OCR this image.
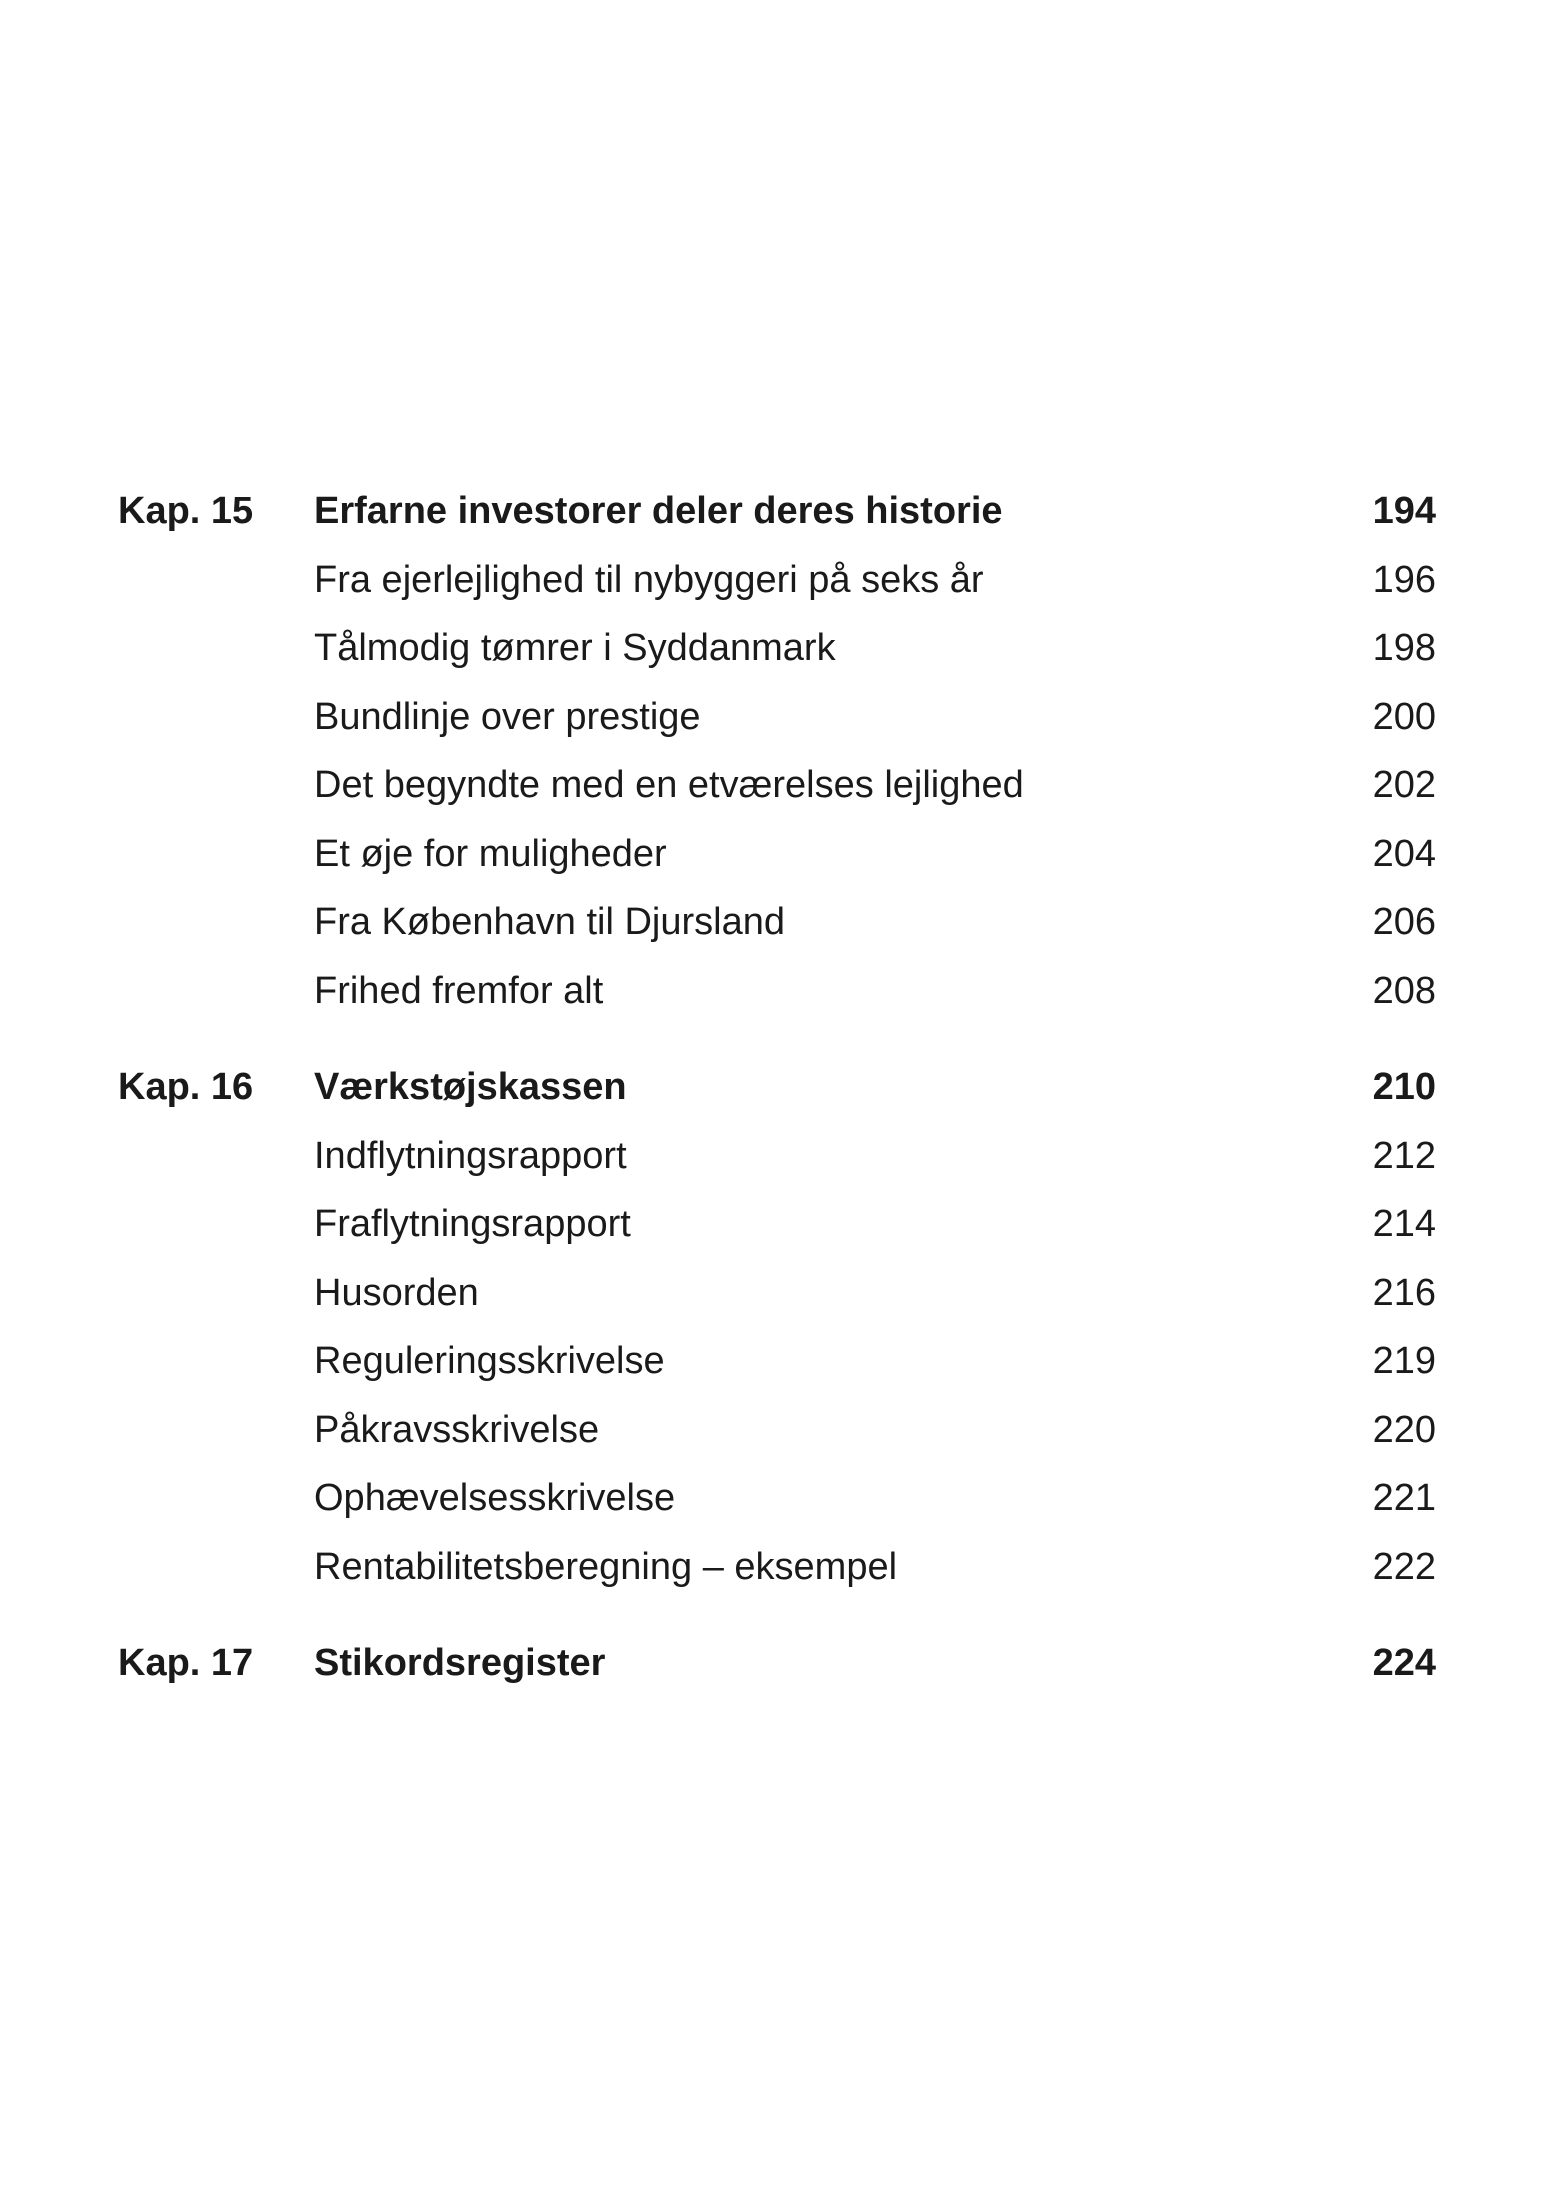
Kap. 15 Erfarne investorer deler deres historie	194
Fra ejerlejlighed til nybyggeri på seks år	196
Tålmodig tømrer i Syddanmark	198
Bundlinje over prestige	200
Det begyndte med en etværelses lejlighed	202
Et øje for muligheder	204
Fra København til Djursland	206
Frihed fremfor alt	208
Kap. 16 Værkstøjskassen	210
Indflytningsrapport	212
Fraflytningsrapport	214
Husorden	216
Reguleringsskrivelse	219
Påkravsskrivelse	220
Ophævelsesskrivelse	221
Rentabilitetsberegning – eksempel	222
Kap. 17 Stikordsregister	224
